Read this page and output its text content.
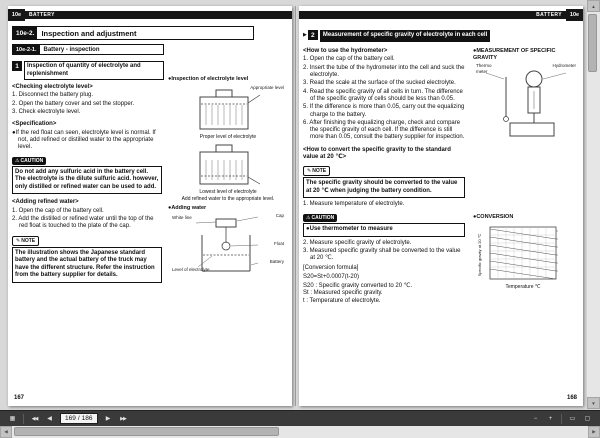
10e	BATTERY
10e-2. Inspection and adjustment
10e-2-1.	Battery - inspection
1	Inspection of quantity of electrolyte and replenishment
<Checking electrolyte level>
1. Disconnect the battery plug.
2. Open the battery cover and set the stopper.
3. Check electrolyte level.
<Specification>
●If the red float can seen, electrolyte level is normal. If not, add refined or distilled water to the appropriate level.
⚠ CAUTION
Do not add any sulfuric acid in the battery cell. The electrolyte is the dilute sulfuric acid. however, only distilled or refined water can be used to add.
<Adding refined water>
1. Open the cap of the battery cell.
2. Add the distilled or refined water until the top of the red float is touched to the plate of the cap.
✎ NOTE
The illustration shows the Japanese standard battery and the actual battery of the truck may have the different structure. Refer the instruction from the battery supplier for details.
●Inspection of electrolyte level
Appropriate level
Proper level of electrolyte
Lowest level of electrolyte
Add refined water to the appropriate level.
●Adding water
Cap
Float
White line
Battery
Level of electrolyte
167
BATTERY	10e
▶ 2	Measurement of specific gravity of electrolyte in each cell
<How to use the hydrometer>
1. Open the cap of the battery cell.
2. Insert the tube of the hydrometer into the cell and suck the electrolyte.
3. Read the scale at the surface of the sucked electrolyte.
4. Read the specific gravity of all cells in turn. The difference of the specific gravity of cells should be less than 0.05.
5. If the difference is more than 0.05, carry out the equalizing charge to the battery.
6. After finishing the equalizing charge, check and compare the specific gravity of each cell. If the difference is still more than 0.05, consult the battery supplier for inspection.
<How to convert the specific gravity to the standard value at 20 ℃>
✎ NOTE
The specific gravity should be converted to the value at 20 ℃ when judging the battery condition.
1. Measure temperature of electrolyte.
⚠ CAUTION
●Use thermometer to measure
2. Measure specific gravity of electrolyte.
3. Measured specific gravity shall be converted to the value at 20 ℃.
[Conversion formula]
S20=St+0.0007(t-20)
S20 : Specific gravity converted to 20 ℃.
St : Measured specific gravity.
t : Temperature of electrolyte.
●MEASUREMENT OF SPECIFIC GRAVITY
Thermo meter
Hydrometer
●CONVERSION
Temperature ℃
Specific gravity at 20 ℃
168
▲
▼
▦	◀◀	◀	169 / 186	▶	▶▶	−	+	▭	▢
◀	▶
